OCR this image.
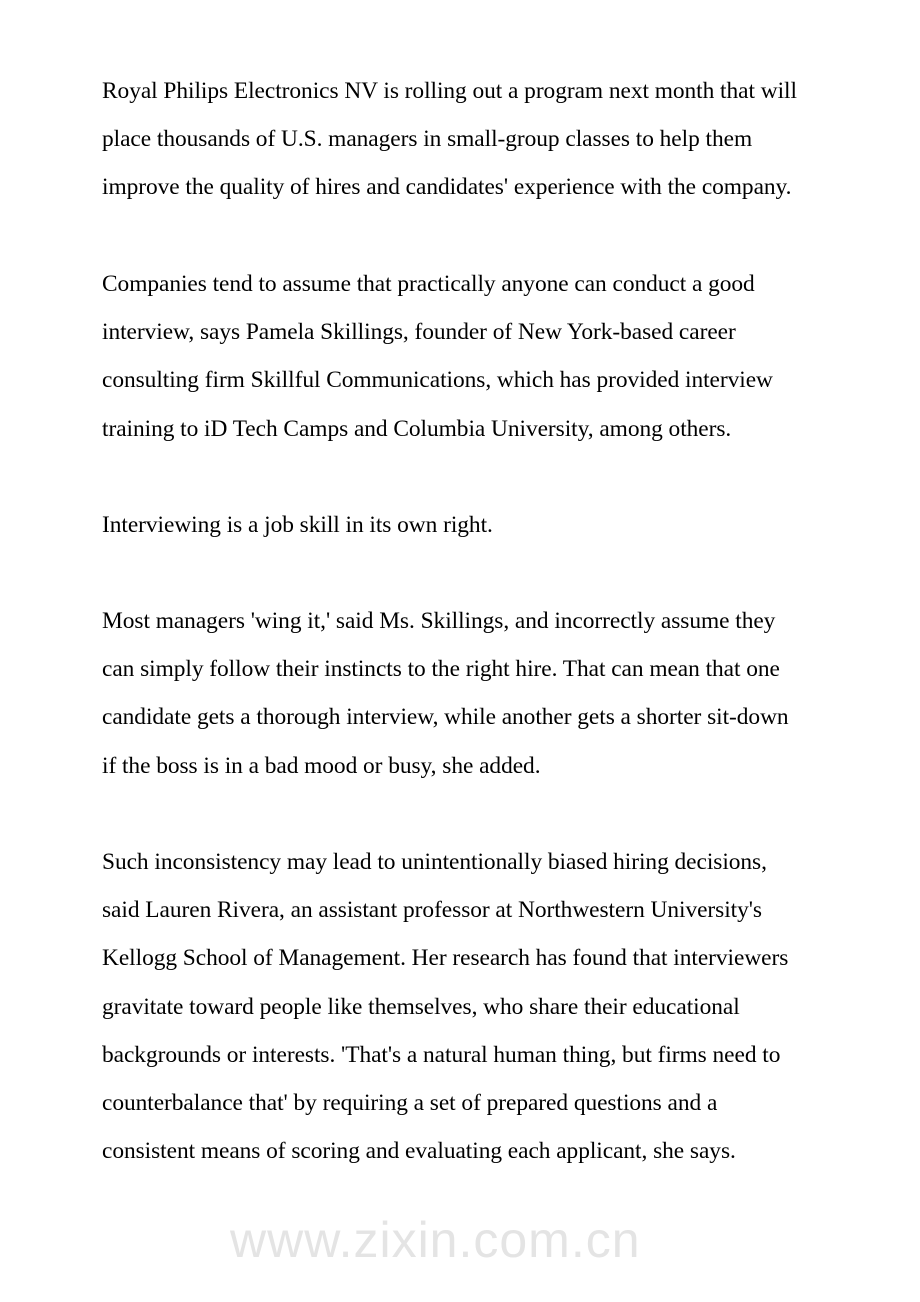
www.zixin.com.cn
Royal Philips Electronics NV is rolling out a program next month that will
place thousands of U.S. managers in small-group classes to help them
improve the quality of hires and candidates' experience with the company.
Companies tend to assume that practically anyone can conduct a good
interview, says Pamela Skillings, founder of New York-based career
consulting firm Skillful Communications, which has provided interview
training to iD Tech Camps and Columbia University, among others.
Interviewing is a job skill in its own right.
Most managers 'wing it,' said Ms. Skillings, and incorrectly assume they
can simply follow their instincts to the right hire. That can mean that one
candidate gets a thorough interview, while another gets a shorter sit-down
if the boss is in a bad mood or busy, she added.
Such inconsistency may lead to unintentionally biased hiring decisions,
said Lauren Rivera, an assistant professor at Northwestern University's
Kellogg School of Management. Her research has found that interviewers
gravitate toward people like themselves, who share their educational
backgrounds or interests. 'That's a natural human thing, but firms need to
counterbalance that' by requiring a set of prepared questions and a
consistent means of scoring and evaluating each applicant, she says.
